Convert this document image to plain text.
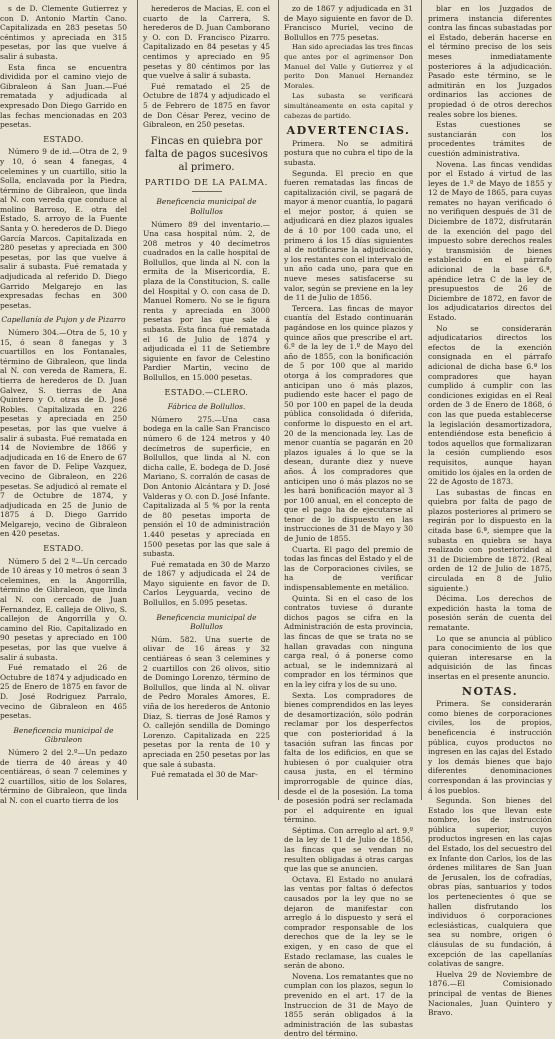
s de D. Clemente Gutierrez y con D. Antonio Martín Cano. Capitalizada en 283 pesetas 50 céntimos y apreciada en 315 pesetas, por las que vuelve á salir á subasta.

Esta finca se encuentra dividida por el camino viejo de Gibraleon á San Juan.—Fué rematada y adjudicada al expresado Don Diego Garrido en las fechas mencionadas en 203 pesetas.

ESTADO.

Número 9 de id.—Otra de 2, 9 y 10, ó sean 4 fanegas, 4 celemines y un cuartillo, sitio la Solla, enclavada por la Piedra, término de Gibraleon, que linda al N. con vereda que conduce al molino Barroso, E. otra del Estado, S. arroyo de la Fuente Santa y O. herederos de D. Diego García Marcos. Capitalizada en 280 pesetas y apreciada en 300 pesetas, por las que vuelve á salir á subasta. Fué rematada y adjudicada al referido D. Diego Garrido Melgarejo en las expresadas fechas en 300 pesetas.

Capellanía de Pujon y de Pizarro

Número 304.—Otra de 5, 10 y 15, ó sean 8 fanegas y 3 cuartillos en los Fontanales, término de Gibraleon, que linda al N. con vereda de Ramera, E. tierra de herederos de D. Juan Galvez, S. tierras de Ana Quintero y O. otras de D. José Robles. Capitalizada en 226 pesetas y apreciada en 250 pesetas, por las que vuelve á salir á subasta. Fué rematada en 14 de Noviembre de 1866 y adjudicada en 16 de Enero de 67 en favor de D. Felipe Vazquez, vecino de Gibraleon, en 226 pesetas. Se adjudicó al remate el 7 de Octubre de 1874, y adjudicada en 25 de Junio de 1875 á D. Diego Garrido Melgarejo, vecino de Gibraleon en 420 pesetas.

ESTADO.

Número 5 del 2 º—Un cercado de 10 áreas y 10 metros ó sean 3 celemines, en la Angorrilla, término de Gibraleon, que linda al N. con cercado de Juan Fernandez, E. calleja de Olivo, S. callejon de Angorrilla y O. camino del Rio. Capitalizado en 90 pesetas y apreciado en 100 pesetas, por las que vuelve á salir á subasta.

Fué rematado el 26 de Octubre de 1874 y adjudicado en 25 de Enero de 1875 en favor de D. José Rodriguez Parralo, vecino de Gibraleon en 465 pesetas.

Beneficencia municipal de Gibraleon

Número 2 del 2.º—Un pedazo de tierra de 40 áreas y 40 centiáreas, ó sean 7 celemines y 2 cuartillos, sitio de los Solares, término de Gibraleon, que linda al N. con el cuarto tierra de los

herederos de Macias, E. con el cuarto de la Carrera, S. herederos de D. Juan Camborano y O. con D. Francisco Pizarro. Capitalizado en 84 pesetas y 45 centimos y apreciado en 95 pesetas y 80 céntimos por las que vuelve á salir á subasta.

Fué rematado el 25 de Octubre de 1874 y adjudicado el 5 de Febrero de 1875 en favor de Don César Perez, vecino de Gibraleon, en 250 pesetas.

Fincas en quiebra por falta de pagos sucesivos al primero.

PARTIDO DE LA PALMA.

Beneficencia municipal de Bollullos

Número 89 del inventario.—Una casa hospital núm. 2, de 208 metros y 40 decímetros cuadrados en la calle hospital de Bollullos, que linda al N. con la ermita de la Misericordia, E. plaza de la Constitucion, S. calle del Hospital y O. con casa de D. Manuel Romero. No se le figura renta y apreciada en 3000 pesetas por las que sale á subasta. Esta finca fué rematada el 16 de Julio de 1874 y adjudicada el 11 de Setiembre siguiente en favor de Celestino Pardier Martin, vecino de Bollullos, en 15.000 pesetas.

ESTADO.—CLERO.

Fábrica de Bollullos.

Número 275.—Una casa bodega en la calle San Francisco número 6 de 124 metros y 40 decímetros de superficie, en Bollullos, que linda al N. con dicha calle, E. bodega de D. José Mariano, S. corralón de casas de Don Antonio Alcántara y D. José Valderas y O. con D. José Infante. Capitalizada al 5 % por la renta de 80 pesetas importa de pensión el 10 de administración 1.440 pesetas y apreciada en 1500 pesetas por las que sale á subasta.

Fué rematada en 30 de Marzo de 1867 y adjudicada el 24 de Mayo siguiente en favor de D. Carlos Leyguarda, vecino de Bollullos, en 5.095 pesetas.

Beneficencia municipal de Bollullos

Núm. 582. Una suerte de olivar de 16 áreas y 32 centiáreas ó sean 3 celemines y 2 cuartillos con 26 olivos, sitio de Domingo Lorenzo, término de Bollullos, que linda al N. olivar de Pedro Morales Amores, E. viña de los herederos de Antonio Diaz, S. tierras de José Ramos y O. callejón sendilla de Domingo Lorenzo. Capitalizada en 225 pesetas por la renta de 10 y apreciada en 250 pesetas por las que sale á subasta.

Fué rematada el 30 de Mar-

zo de 1867 y adjudicada en 31 de Mayo siguiente en favor de D. Francisco Muriel, vecino de Bollullos en 775 pesetas.

Han sido apreciadas las tres fincas que antes por el agrimensor Don Manuel del Valle y Gutierrez y el perito Don Manuel Hernandez Morales.

Las subasta se verificará simultáneamente en esta capital y cabezas de partido.

ADVERTENCIAS.

Primera. No se admitirá postura que no cubra el tipo de la subasta.

Segunda. El precio en que fueren rematadas las fincas de capitalización civil, se pagará de mayor á menor cuantía, lo pagará el mejor postor, á quien se adjudicará en diez plazos iguales de á 10 por 100 cada uno, el primero á los 15 días siguientes al de notificarse la adjudicación, y los restantes con el intervalo de un año cada uno, para que en nueve meses satisfacerse su valor, según se previene en la ley de 11 de Julio de 1856.

Tercera. Las fincas de mayor cuantía del Estado continuarán pagándose en los quince plazos y quince años que prescribe el art. 6.º de la ley de 1.º de Mayo del año de 1855, con la bonificación de 5 por 100 que al marido otorga á los compradores que anticipan uno ó más plazos, pudiendo este hacer el pago de 50 por 100 en papel de la deuda pública consolidada ó diferida, conforme lo dispuesto en el art. 20 de la mencionada ley. Las de menor cuantía se pagarán en 20 plazos iguales á lo que se la desean, durante diez y nueve años. Á los compradores que anticipen uno ó más plazos no se les hará bonificación mayor al 3 por 100 anual, en el concepto de que el pago ha de ejecutarse al tenor de lo dispuesto en las instrucciones de 31 de Mayo y 30 de Junio de 1855.

Cuarta. El pago del premio de todas las fincas del Estado y el de las de Corporaciones civiles, se ha de verificar indispensablemente en metálico.

Quinta. Si en el caso de los contratos tuviese ó durante dichos pagos se cifra en la Administración de esta provincia, las fincas de que se trata no se hallan gravadas con ninguna carga real, ó á ponerse como actual, se le indemnizará al comprador en los términos que en la ley cifra y los de su uno.

Sexta. Los compradores de bienes comprendidos en las leyes de desamortización, sólo podrán reclamar por los desperfectos que con posterioridad á la tasación sufran las fincas por falta de los edificios, en que se hubiesen ó por cualquier otra causa justa, en el término improrrogable de quince días, desde el de la posesión. La toma de posesión podrá ser reclamada por el adquirente en igual término.

Séptima. Con arreglo al art. 9.º de la ley de 11 de Julio de 1856, las fincas que se vendan no resulten obligadas á otras cargas que las que se anuncien.

Octava. El Estado no anulará las ventas por faltas ó defectos causados por la ley que no se dejaron de manifestar con arreglo á lo dispuesto y será el comprador responsable de los derechos que de la ley se le exigen, y en caso de que el Estado reclamase, las cuales le serán de abono.

Novena. Los rematantes que no cumplan con los plazos, segun lo prevenido en el art. 17 de la Instruccion de 31 de Mayo de 1855 serán obligados á la administración de las subastas dentro del término.

blar en los Juzgados de primera instancia diferentes contra las fincas subastadas por el Estado, deberán hacerse en el término preciso de los seis meses inmediatamente posteriores á la adjudicación. Pasado este término, se le admitirán en los Juzgados ordinarios las acciones de propiedad ó de otros derechos reales sobre los bienes.

Estas cuestiones se sustanciarán con los procedentes trámites de cuestión administrativa.

Novena. Las fincas vendidas por el Estado á virtud de las leyes de 1.º de Mayo de 1855 y 12 de Mayo de 1865, para cuyas remates no hayan verificado ó no verifiquen después de 31 de Diciembre de 1872, disfrutarán de la exención del pago del impuesto sobre derechos reales y transmisión de bienes establecido en el párrafo adicional de la base 6.ª, apéndice letra C de la ley de presupuestos de 26 de Diciembre de 1872, en favor de los adjudicatarios directos del Estado.

No se considerarán adjudicatarios directos los efectos de la exención consignada en el párrafo adicional de dicha base 6.ª los compradores que hayan cumplido á cumplir con las condiciones exigidas en el Real orden de 3 de Enero de 1868, ó con las que pueda establecerse la legislación desamortizadora, entendiéndose esta beneficio á todos aquellos que formalizaran la cesión cumpliendo esos requisitos, aunque hayan omitido los ójales en la orden de 22 de Agosto de 1873.

Las subastas de fincas en quiebra por falta de pago de plazos posteriores al primero se regirán por lo dispuesto en la citada base 6.ª, siempre que la subasta en quiebra se haya realizado con posterioridad al 31 de Diciembre de 1872. (Real orden de 12 de Julio de 1875, circulada en 8 de Julio siguiente.)

Décima. Los derechos de expedición hasta la toma de posesión serán de cuenta del rematante.

Lo que se anuncia al público para conocimiento de los que quieran interesarse en la adquisición de las fincas insertas en el presente anuncio.

NOTAS.

Primera. Se considerarán como bienes de corporaciones civiles, los de propios, beneficencia é instrucción pública, cuyos productos no ingresen en las cajas del Estado y los demás bienes que bajo diferentes denominaciones correspondan á las provincias y á los pueblos.

Segunda. Son bienes del Estado los que llevan este nombre, los de instrucción pública superior, cuyos productos ingresen en las cajas del Estado, los del secuestro del ex Infante don Carlos, los de las órdenes militares de San Juan de Jerusalen, los de cofradías, obras pías, santuarios y todos los pertenecientes ó que se hallen disfrutando los individuos ó corporaciones eclesiásticas, cualquiera que sea su nombre, origen ó cláusulas de su fundación, á excepción de las capellanías colativas de sangre.

Huelva 29 de Noviembre de 1876.—El Comisionado principal de ventas de Bienes Nacionales, Juan Quintero y Bravo.
